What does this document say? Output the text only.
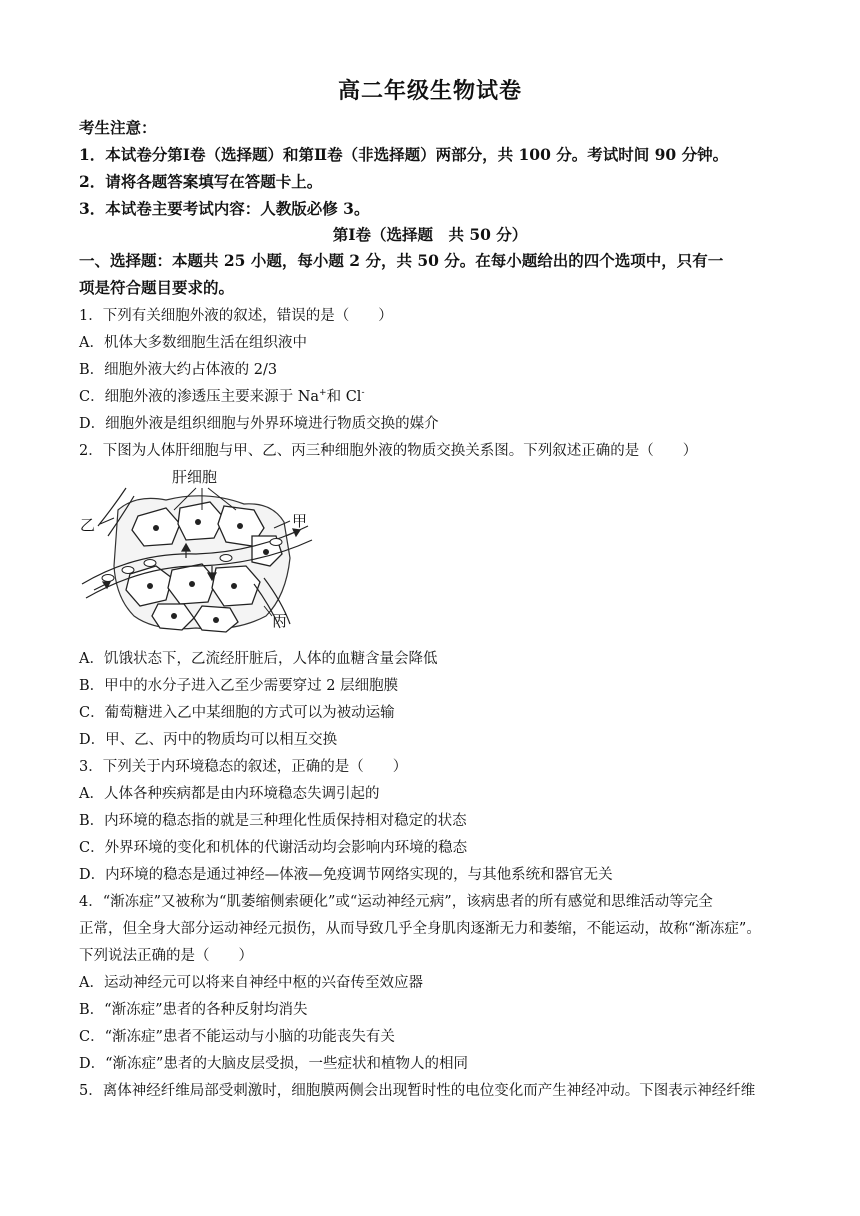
高二年级生物试卷
考生注意：
1．本试卷分第Ⅰ卷（选择题）和第Ⅱ卷（非选择题）两部分，共 100 分。考试时间 90 分钟。
2．请将各题答案填写在答题卡上。
3．本试卷主要考试内容：人教版必修 3。
第Ⅰ卷（选择题　共 50 分）
一、选择题：本题共 25 小题，每小题 2 分，共 50 分。在每小题给出的四个选项中，只有一
项是符合题目要求的。
1．下列有关细胞外液的叙述，错误的是（　　）
A．机体大多数细胞生活在组织液中
B．细胞外液大约占体液的 2/3
C．细胞外液的渗透压主要来源于 Na+和 Cl-
D．细胞外液是组织细胞与外界环境进行物质交换的媒介
2．下图为人体肝细胞与甲、乙、丙三种细胞外液的物质交换关系图。下列叙述正确的是（　　）
肝细胞
乙	甲
丙
A．饥饿状态下，乙流经肝脏后，人体的血糖含量会降低
B．甲中的水分子进入乙至少需要穿过 2 层细胞膜
C．葡萄糖进入乙中某细胞的方式可以为被动运输
D．甲、乙、丙中的物质均可以相互交换
3．下列关于内环境稳态的叙述，正确的是（　　）
A．人体各种疾病都是由内环境稳态失调引起的
B．内环境的稳态指的就是三种理化性质保持相对稳定的状态
C．外界环境的变化和机体的代谢活动均会影响内环境的稳态
D．内环境的稳态是通过神经—体液—免疫调节网络实现的，与其他系统和器官无关
4．“渐冻症”又被称为“肌萎缩侧索硬化”或“运动神经元病”，该病患者的所有感觉和思维活动等完全
正常，但全身大部分运动神经元损伤，从而导致几乎全身肌肉逐渐无力和萎缩，不能运动，故称“渐冻症”。
下列说法正确的是（　　）
A．运动神经元可以将来自神经中枢的兴奋传至效应器
B．“渐冻症”患者的各种反射均消失
C．“渐冻症”患者不能运动与小脑的功能丧失有关
D．“渐冻症”患者的大脑皮层受损，一些症状和植物人的相同
5．离体神经纤维局部受刺激时，细胞膜两侧会出现暂时性的电位变化而产生神经冲动。下图表示神经纤维
